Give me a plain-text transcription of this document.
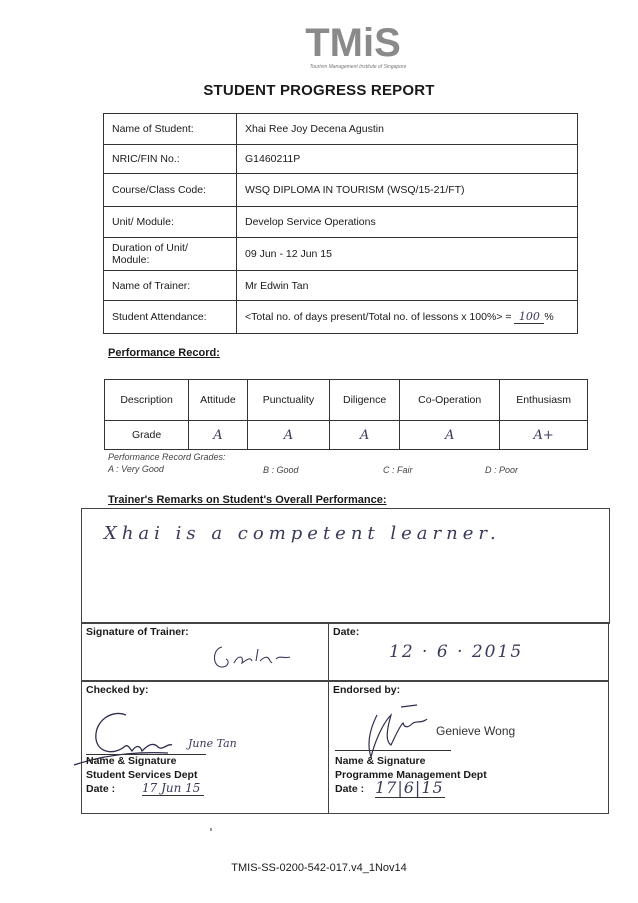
TMiS
Tourism Management Institute of Singapore
STUDENT PROGRESS REPORT
Name of Student:	Xhai Ree Joy Decena Agustin
NRIC/FIN No.:	G1460211P
Course/Class Code:	WSQ DIPLOMA IN TOURISM (WSQ/15-21/FT)
Unit/ Module:	Develop Service Operations
Duration of Unit/ Module:	09 Jun - 12 Jun 15
Name of Trainer:	Mr Edwin Tan
Student Attendance:	<Total no. of days present/Total no. of lessons x 100%> = 100 %
Performance Record:
Description	Attitude	Punctuality	Diligence	Co-Operation	Enthusiasm
Grade	A	A	A	A	A+
Performance Record Grades:
A : Very Good	B : Good	C : Fair	D : Poor
Trainer's Remarks on Student's Overall Performance:
Xhai is a competent learner.
Signature of Trainer:	Date:
12 · 6 · 2015
Checked by:
June Tan
Name & Signature
Student Services Dept
Date : 17 Jun 15
Endorsed by:
Genieve Wong
Name & Signature
Programme Management Dept
Date : 17|6|15
TMIS-SS-0200-542-017.v4_1Nov14
